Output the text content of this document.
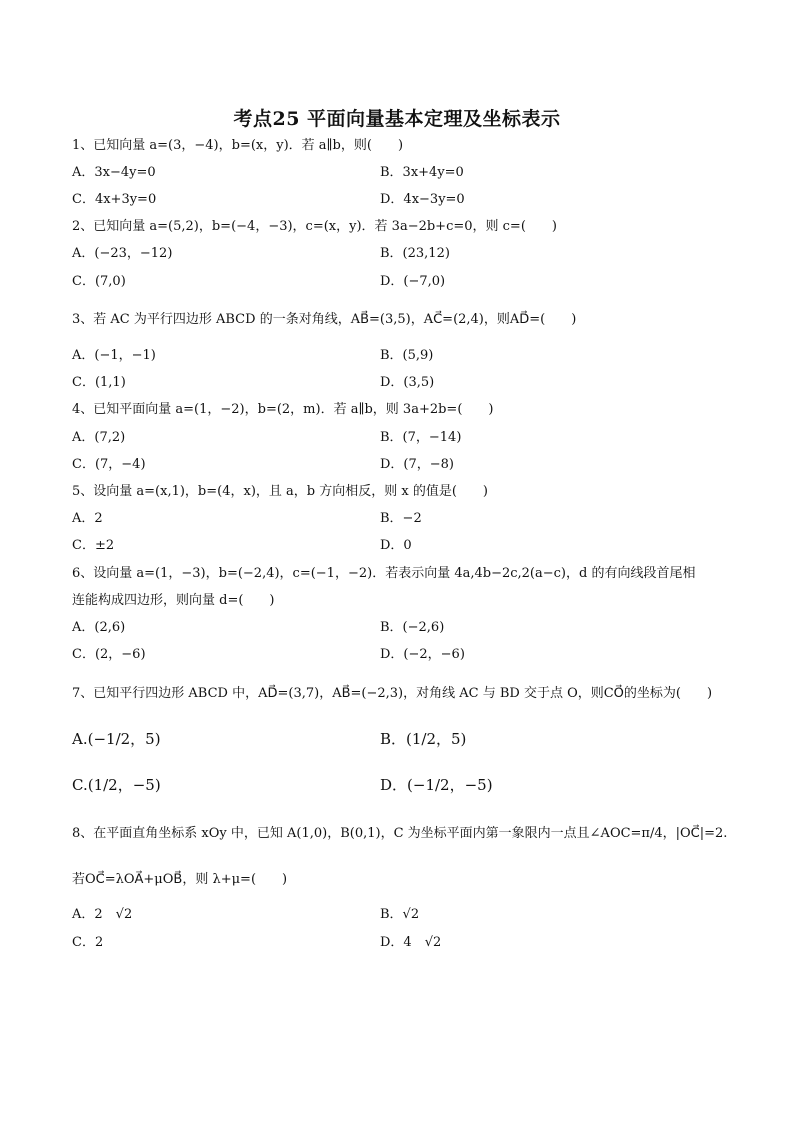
考点25 平面向量基本定理及坐标表示
1、已知向量 a=(3，−4)，b=(x，y)．若 a∥b，则(　　)
A．3x−4y=0	B．3x+4y=0
C．4x+3y=0	D．4x−3y=0
2、已知向量 a=(5,2)，b=(−4，−3)，c=(x，y)．若 3a−2b+c=0，则 c=(　　)
A．(−23，−12)	B．(23,12)
C．(7,0)	D．(−7,0)
3、若 AC 为平行四边形 ABCD 的一条对角线，AB⃗=(3,5)，AC⃗=(2,4)，则AD⃗=(　　)
A．(−1，−1)	B．(5,9)
C．(1,1)	D．(3,5)
4、已知平面向量 a=(1，−2)，b=(2，m)．若 a∥b，则 3a+2b=(　　)
A．(7,2)	B．(7，−14)
C．(7，−4)	D．(7，−8)
5、设向量 a=(x,1)，b=(4，x)，且 a，b 方向相反，则 x 的值是(　　)
A．2	B．−2
C．±2	D．0
6、设向量 a=(1，−3)，b=(−2,4)，c=(−1，−2)．若表示向量 4a,4b−2c,2(a−c)，d 的有向线段首尾相
连能构成四边形，则向量 d=(　　)
A．(2,6)	B．(−2,6)
C．(2，−6)	D．(−2，−6)
7、已知平行四边形 ABCD 中，AD⃗=(3,7)，AB⃗=(−2,3)，对角线 AC 与 BD 交于点 O，则CO⃗的坐标为(　　)
A.(−1/2，5)	B．(1/2，5)
C.(1/2，−5)	D．(−1/2，−5)
8、在平面直角坐标系 xOy 中，已知 A(1,0)，B(0,1)，C 为坐标平面内第一象限内一点且∠AOC=π/4，|OC⃗|=2.
若OC⃗=λOA⃗+μOB⃗，则 λ+μ=(　　)
A．2　√2	B．√2
C．2	D．4　√2
